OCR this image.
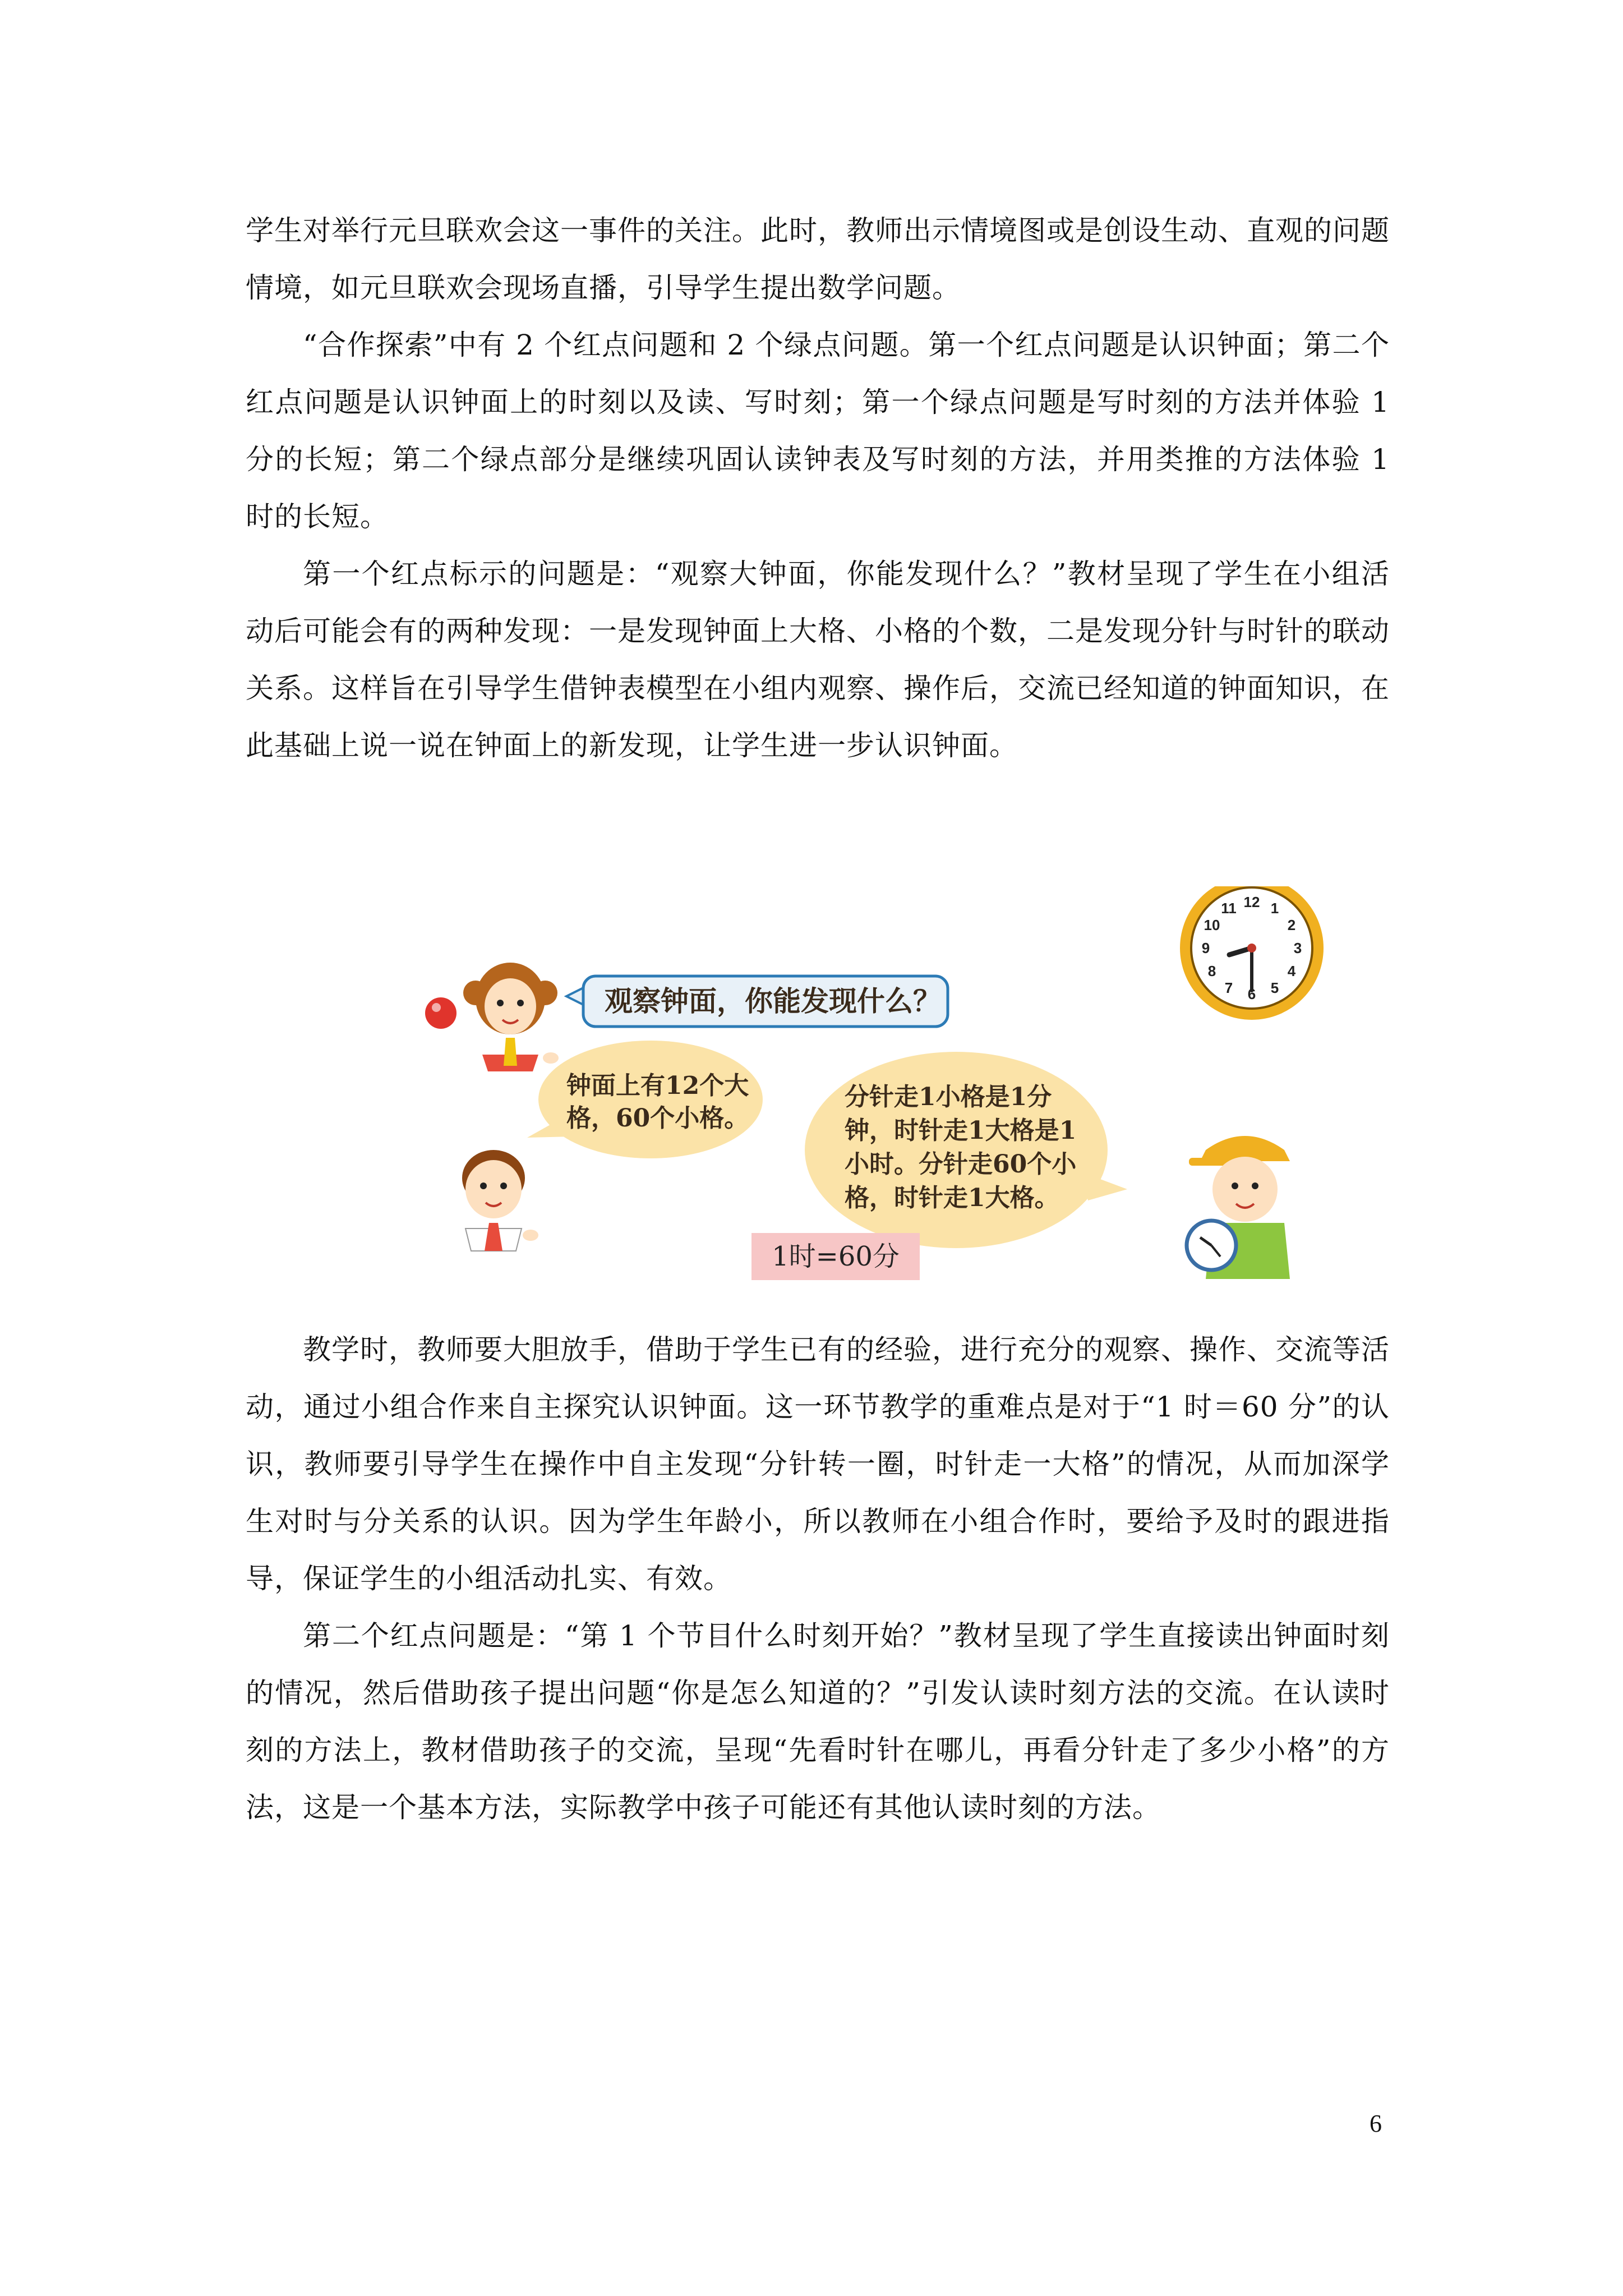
学生对举行元旦联欢会这一事件的关注。此时，教师出示情境图或是创设生动、直观的问题情境，如元旦联欢会现场直播，引导学生提出数学问题。

“合作探索”中有 2 个红点问题和 2 个绿点问题。第一个红点问题是认识钟面；第二个红点问题是认识钟面上的时刻以及读、写时刻；第一个绿点问题是写时刻的方法并体验 1 分的长短；第二个绿点部分是继续巩固认读钟表及写时刻的方法，并用类推的方法体验 1 时的长短。

第一个红点标示的问题是：“观察大钟面，你能发现什么？”教材呈现了学生在小组活动后可能会有的两种发现：一是发现钟面上大格、小格的个数，二是发现分针与时针的联动关系。这样旨在引导学生借钟表模型在小组内观察、操作后，交流已经知道的钟面知识，在此基础上说一说在钟面上的新发现，让学生进一步认识钟面。

观察钟面，你能发现什么？
12 1
2
3
4
5
6
7
8
9
10
11
钟面上有12个大
格，60个小格。
分针走1小格是1分
钟，时针走1大格是1
小时。分针走60个小
格，时针走1大格。
1时=60分

教学时，教师要大胆放手，借助于学生已有的经验，进行充分的观察、操作、交流等活动，通过小组合作来自主探究认识钟面。这一环节教学的重难点是对于“1 时＝60 分”的认识，教师要引导学生在操作中自主发现“分针转一圈，时针走一大格”的情况，从而加深学生对时与分关系的认识。因为学生年龄小，所以教师在小组合作时，要给予及时的跟进指导，保证学生的小组活动扎实、有效。

第二个红点问题是：“第 1 个节目什么时刻开始？”教材呈现了学生直接读出钟面时刻的情况，然后借助孩子提出问题“你是怎么知道的？”引发认读时刻方法的交流。在认读时刻的方法上，教材借助孩子的交流，呈现“先看时针在哪儿，再看分针走了多少小格”的方法，这是一个基本方法，实际教学中孩子可能还有其他认读时刻的方法。

6
